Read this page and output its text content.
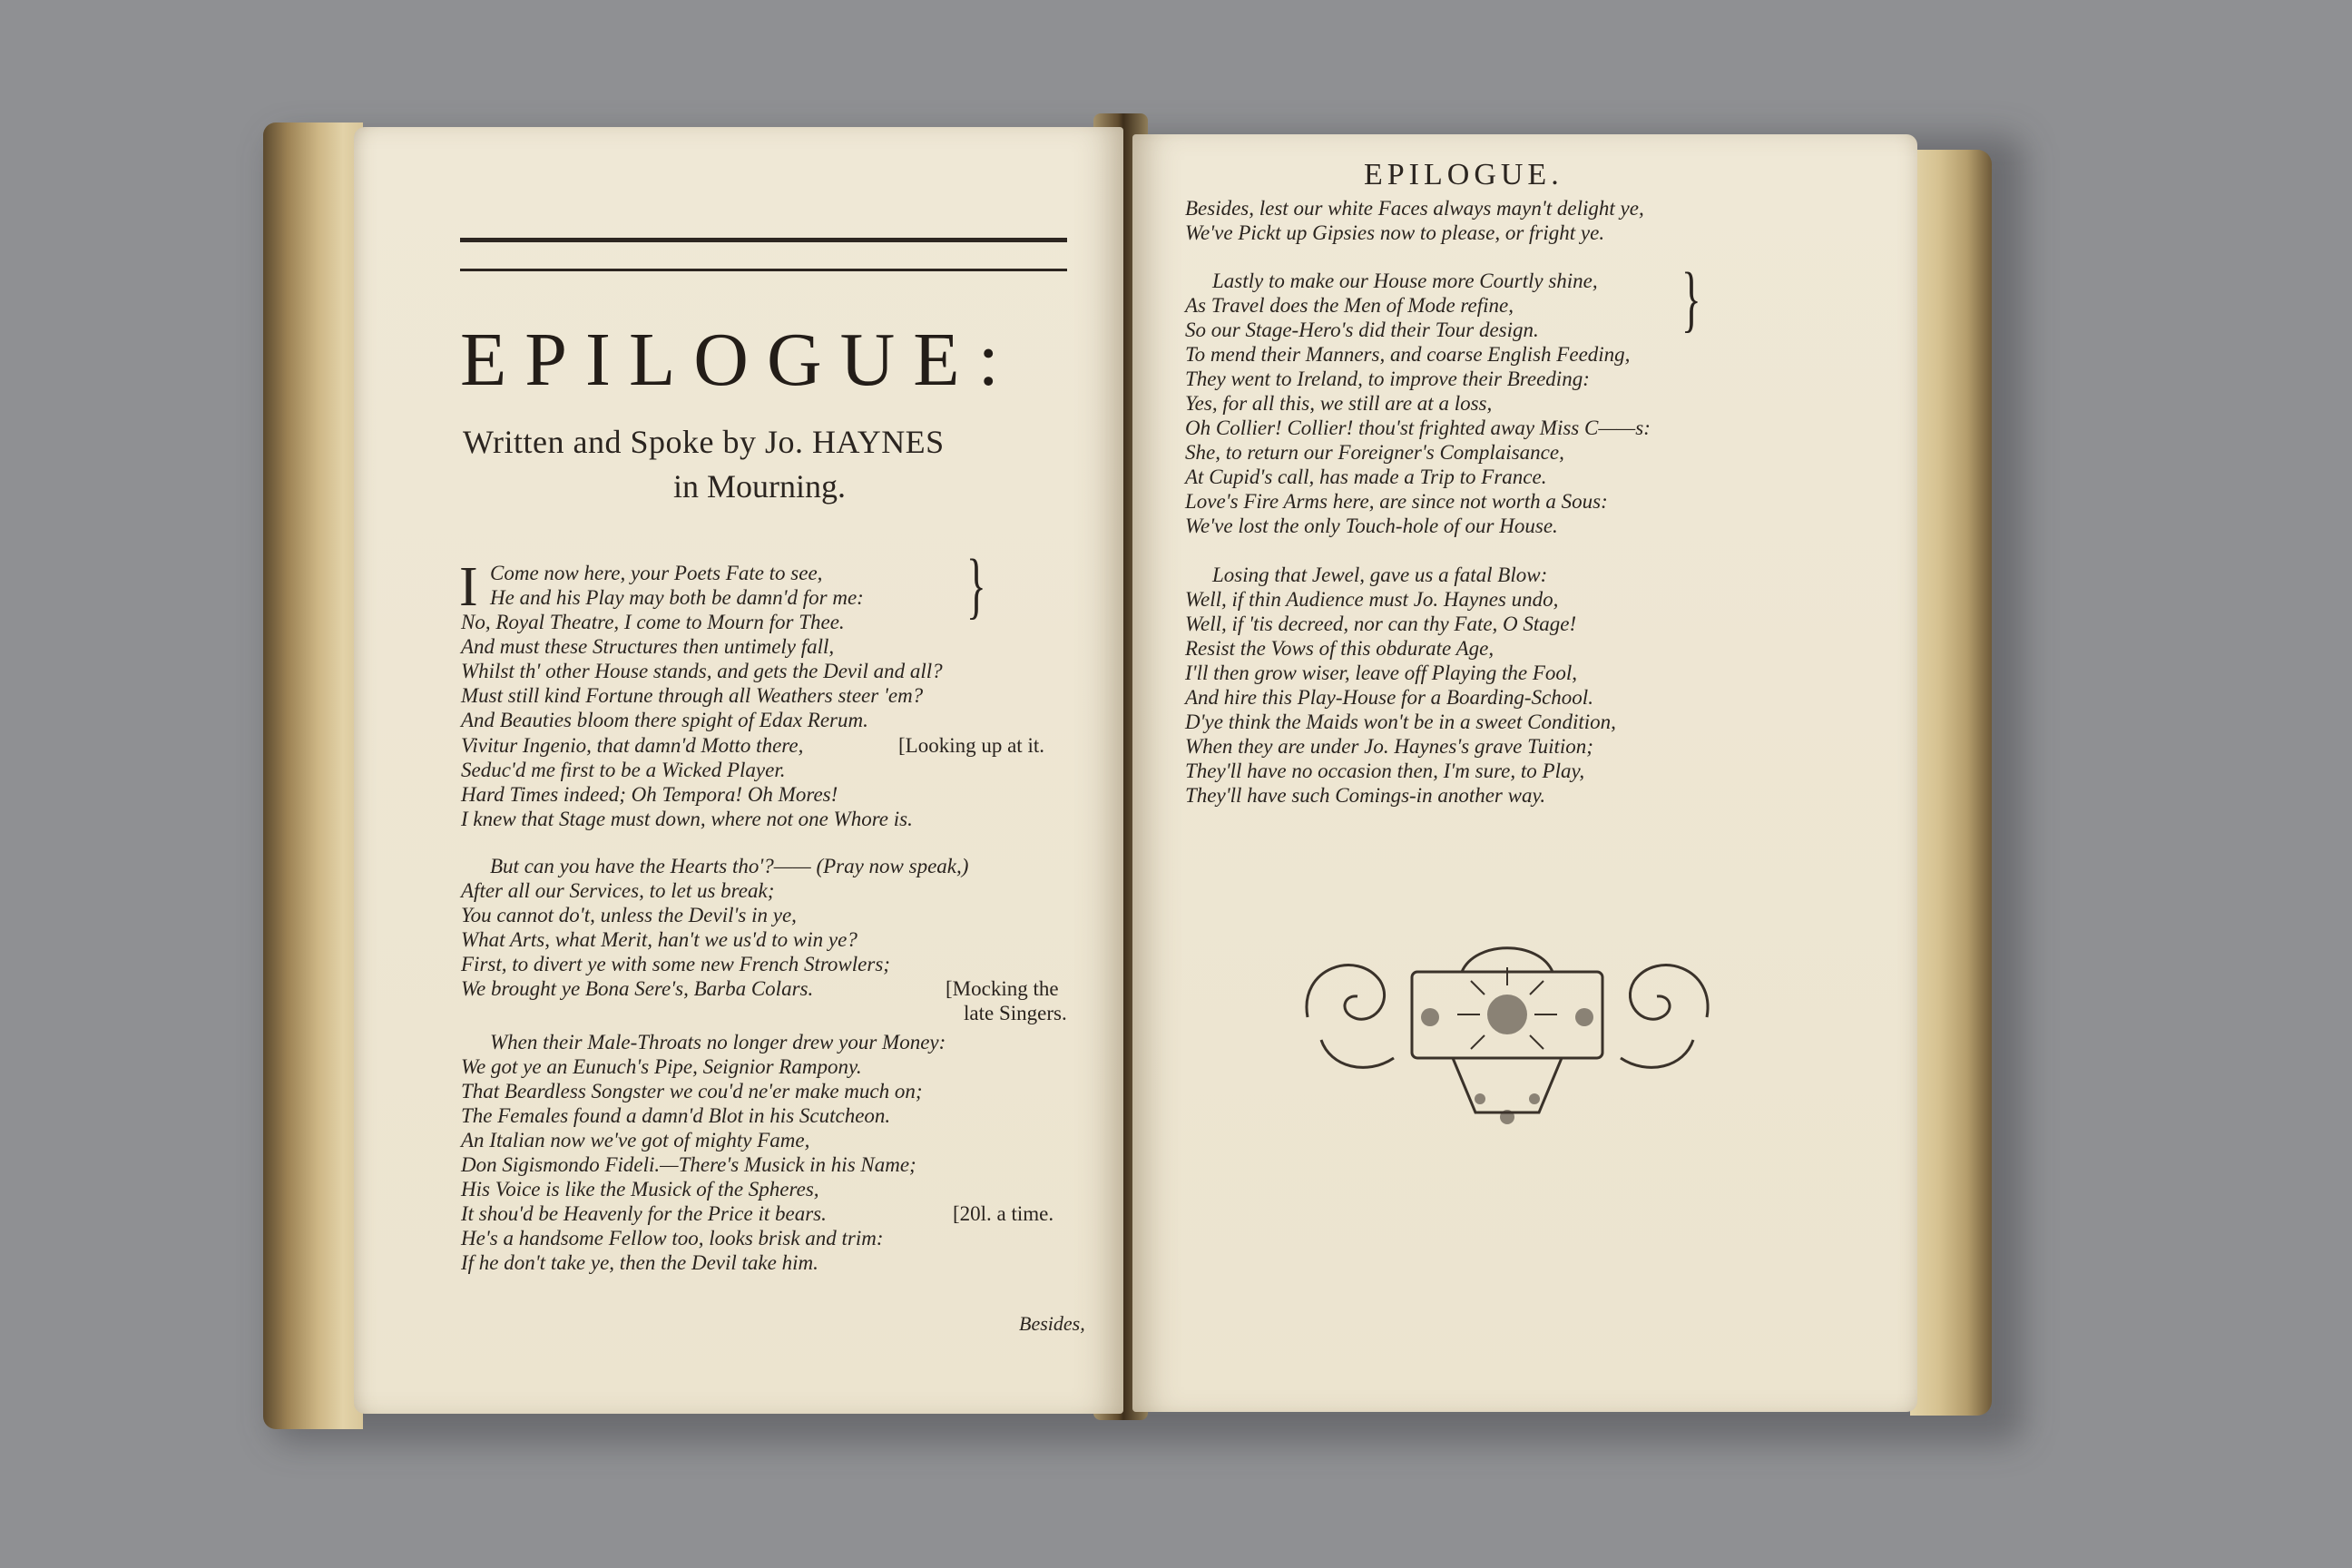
EPILOGUE:
Written and Spoke by Jo. HAYNES
in Mourning.
I	}
Come now here, your Poets Fate to see,
He and his Play may both be damn'd for me:
No, Royal Theatre, I come to Mourn for Thee.
And must these Structures then untimely fall,
Whilst th' other House stands, and gets the Devil and all?
Must still kind Fortune through all Weathers steer 'em?
And Beauties bloom there spight of Edax Rerum.
Vivitur Ingenio, that damn'd Motto there,
Seduc'd me first to be a Wicked Player.
Hard Times indeed; Oh Tempora! Oh Mores!
I knew that Stage must down, where not one Whore is.
[Looking up at it.
But can you have the Hearts tho'?—— (Pray now speak,)
After all our Services, to let us break;
You cannot do't, unless the Devil's in ye,
What Arts, what Merit, han't we us'd to win ye?
First, to divert ye with some new French Strowlers;
We brought ye Bona Sere's, Barba Colars.	[Mocking the
late Singers.
When their Male-Throats no longer drew your Money:
We got ye an Eunuch's Pipe, Seignior Rampony.
That Beardless Songster we cou'd ne'er make much on;
The Females found a damn'd Blot in his Scutcheon.
An Italian now we've got of mighty Fame,
Don Sigismondo Fideli.—There's Musick in his Name;
His Voice is like the Musick of the Spheres,
It shou'd be Heavenly for the Price it bears.
He's a handsome Fellow too, looks brisk and trim:
If he don't take ye, then the Devil take him.
[20l. a time.
Besides,
EPILOGUE.
Besides, lest our white Faces always mayn't delight ye,
We've Pickt up Gipsies now to please, or fright ye.
Lastly to make our House more Courtly shine,
As Travel does the Men of Mode refine,
So our Stage-Hero's did their Tour design. }
To mend their Manners, and coarse English Feeding,
They went to Ireland, to improve their Breeding:
Yes, for all this, we still are at a loss,
Oh Collier! Collier! thou'st frighted away Miss C——s:
She, to return our Foreigner's Complaisance,
At Cupid's call, has made a Trip to France.
Love's Fire Arms here, are since not worth a Sous:
We've lost the only Touch-hole of our House.
Losing that Jewel, gave us a fatal Blow:
Well, if thin Audience must Jo. Haynes undo,
Well, if 'tis decreed, nor can thy Fate, O Stage!
Resist the Vows of this obdurate Age,
I'll then grow wiser, leave off Playing the Fool,
And hire this Play-House for a Boarding-School.
D'ye think the Maids won't be in a sweet Condition,
When they are under Jo. Haynes's grave Tuition;
They'll have no occasion then, I'm sure, to Play,
They'll have such Comings-in another way.
